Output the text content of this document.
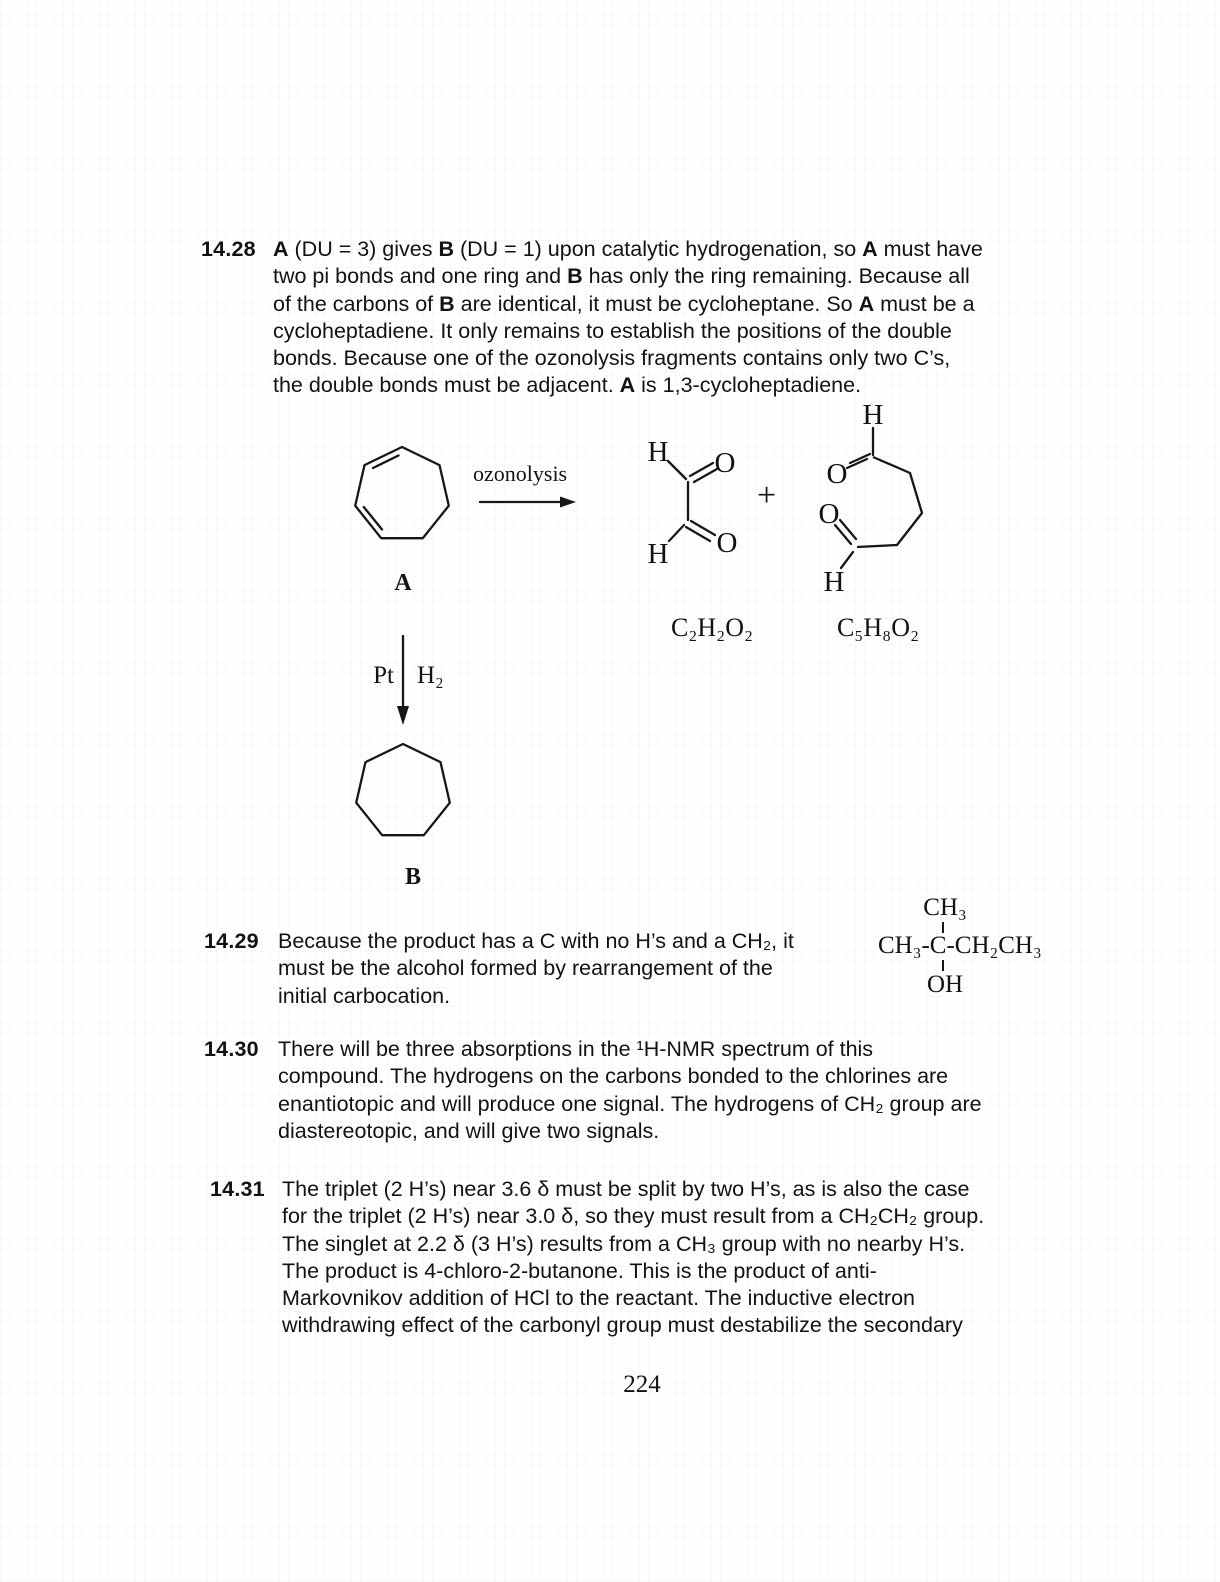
14.28 A (DU = 3) gives B (DU = 1) upon catalytic hydrogenation, so A must have
two pi bonds and one ring and B has only the ring remaining. Because all
of the carbons of B are identical, it must be cycloheptane. So A must be a
cycloheptadiene. It only remains to establish the positions of the double
bonds. Because one of the ozonolysis fragments contains only two C’s,
the double bonds must be adjacent. A is 1,3-cycloheptadiene.
A
ozonolysis
H O
O
H
+
H
O
O
H
C₂H₂O₂	C₅H₈O₂
Pt H₂
B
14.29 Because the product has a C with no H’s and a CH₂, it
must be the alcohol formed by rearrangement of the
initial carbocation.
CH₃
CH₃-C-CH₂CH₃
OH
14.30 There will be three absorptions in the ¹H-NMR spectrum of this
compound. The hydrogens on the carbons bonded to the chlorines are
enantiotopic and will produce one signal. The hydrogens of CH₂ group are
diastereotopic, and will give two signals.
14.31 The triplet (2 H’s) near 3.6 δ must be split by two H’s, as is also the case
for the triplet (2 H’s) near 3.0 δ, so they must result from a CH₂CH₂ group.
The singlet at 2.2 δ (3 H’s) results from a CH₃ group with no nearby H’s.
The product is 4-chloro-2-butanone. This is the product of anti-
Markovnikov addition of HCl to the reactant. The inductive electron
withdrawing effect of the carbonyl group must destabilize the secondary
224
